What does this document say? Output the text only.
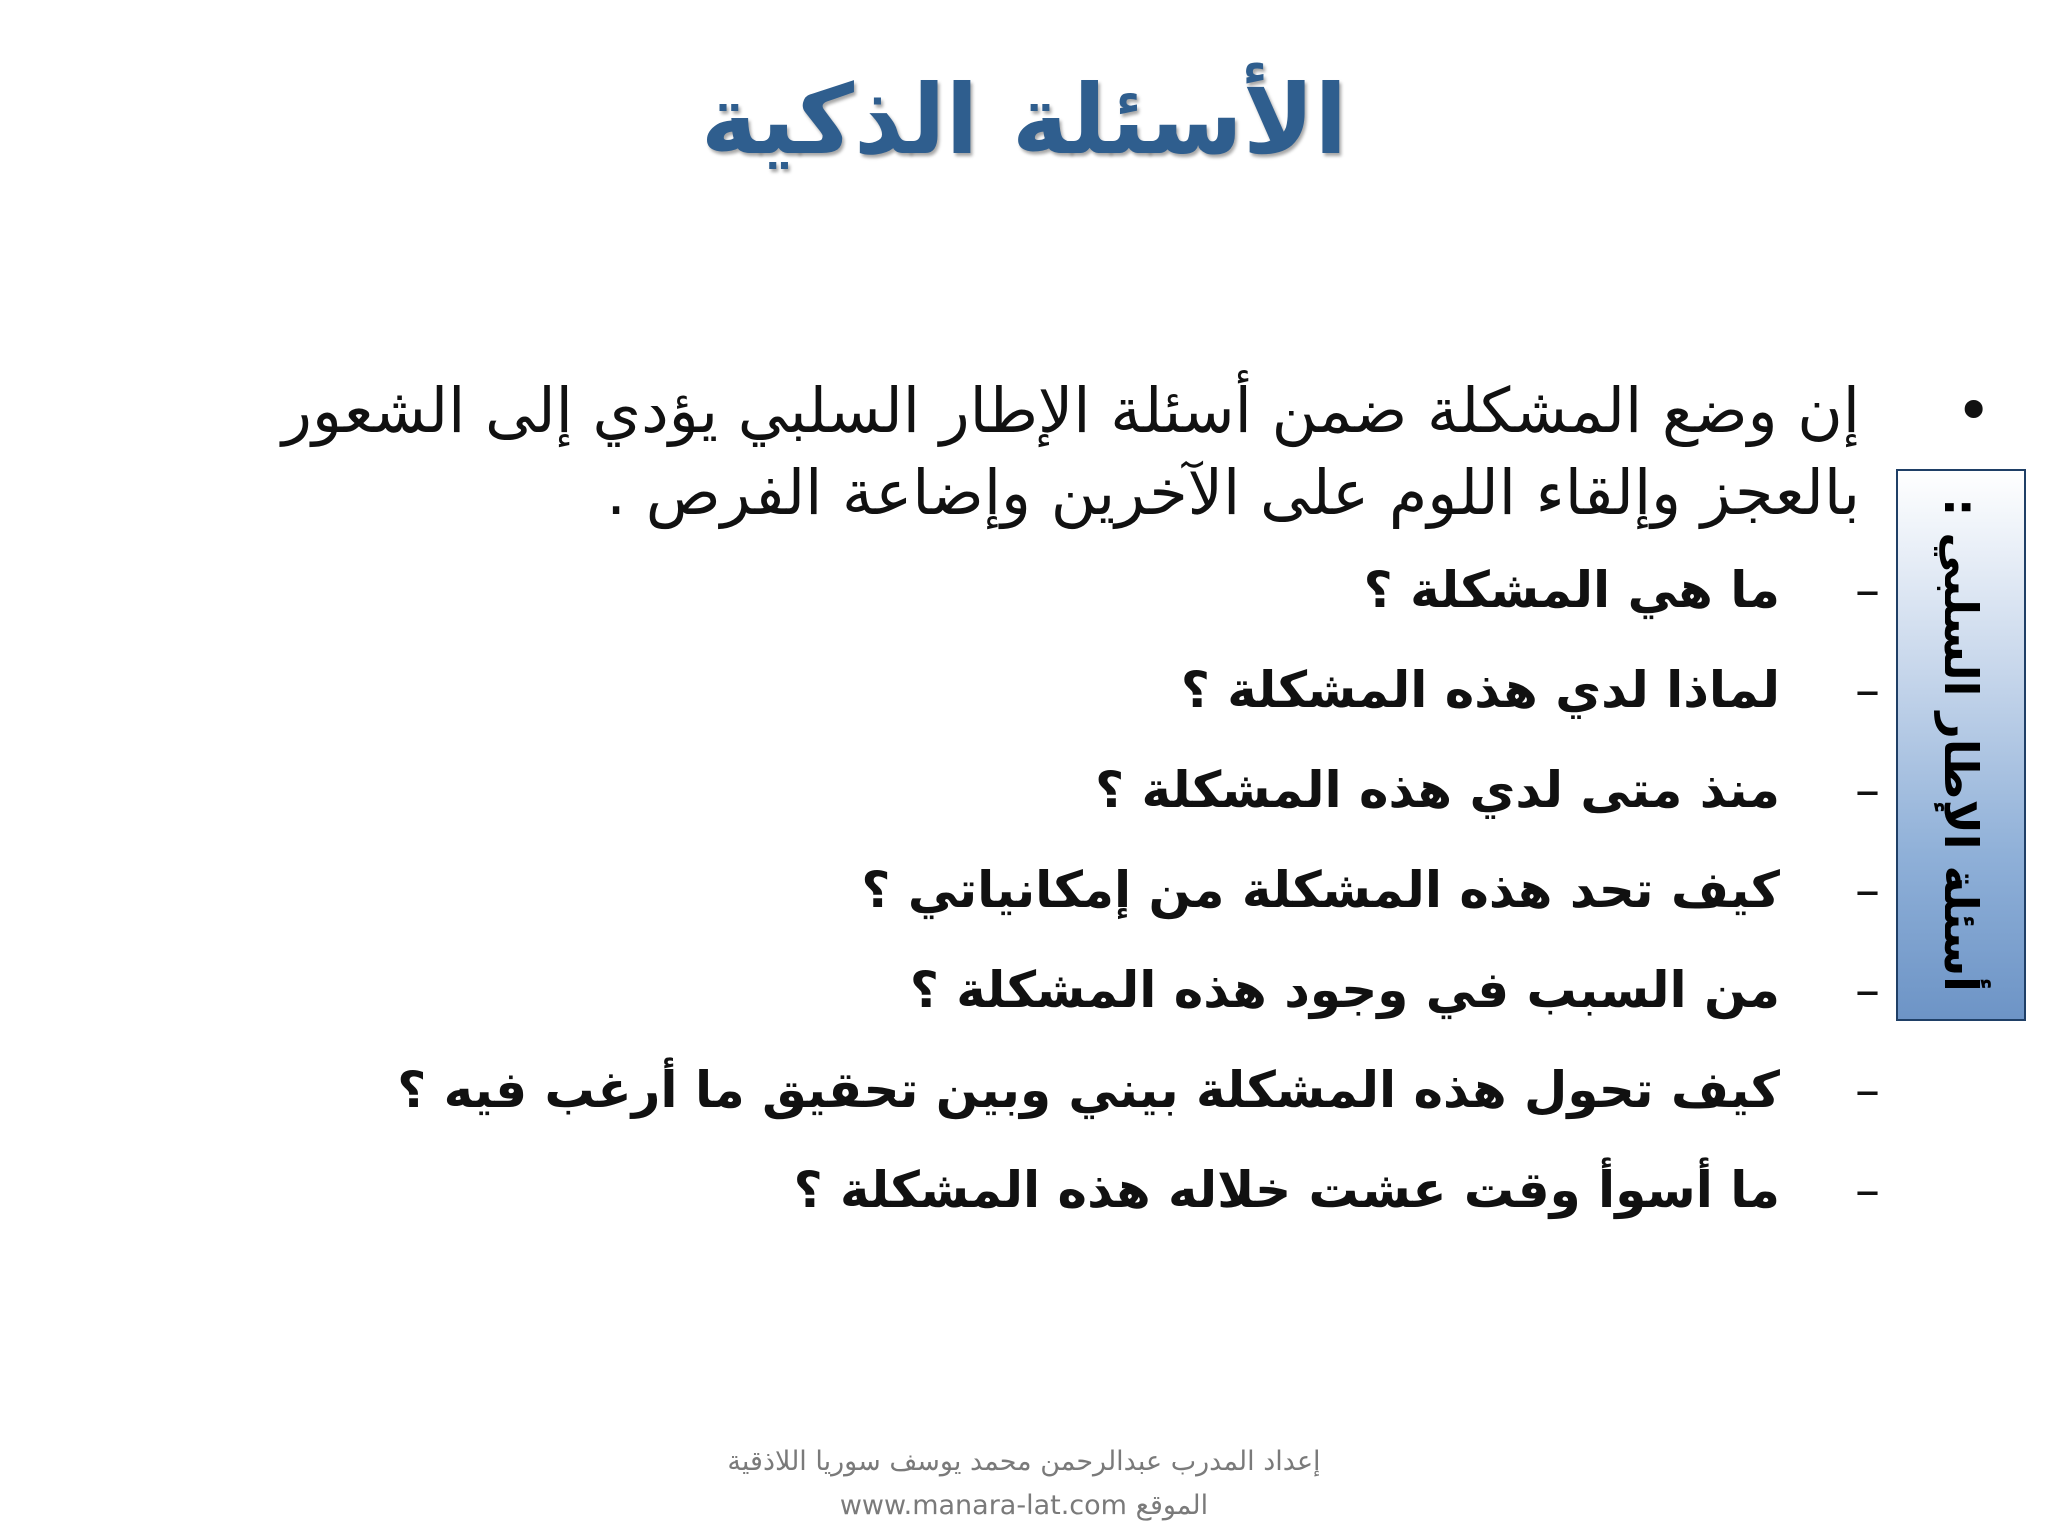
الأسئلة الذكية
•
إن وضع المشكلة ضمن أسئلة الإطار السلبي يؤدي إلى الشعور بالعجز وإلقاء اللوم على الآخرين وإضاعة الفرص .
–
ما هي المشكلة ؟
–
لماذا لدي هذه المشكلة ؟
–
منذ متى لدي هذه المشكلة ؟
–
كيف تحد هذه المشكلة من إمكانياتي ؟
–
من السبب في وجود هذه المشكلة ؟
–
كيف تحول هذه المشكلة بيني وبين تحقيق ما أرغب فيه ؟
–
ما أسوأ وقت عشت خلاله هذه المشكلة ؟
أسئلة الإطار السلبي :
إعداد المدرب عبدالرحمن محمد يوسف سوريا اللاذقية
www.manara-lat.com الموقع
